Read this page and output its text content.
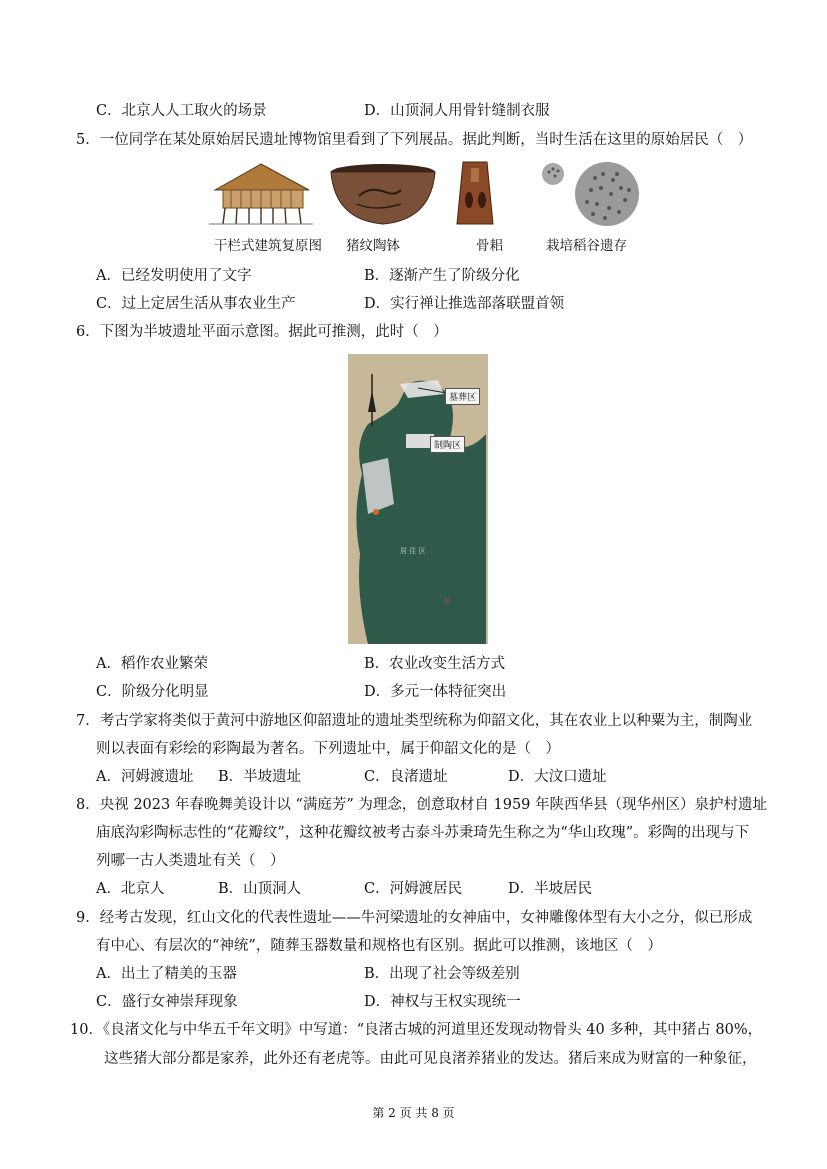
C．北京人人工取火的场景	D．山顶洞人用骨针缝制衣服
5．一位同学在某处原始居民遗址博物馆里看到了下列展品。据此判断，当时生活在这里的原始居民（　）
干栏式建筑复原图 猪纹陶钵	骨耜	栽培稻谷遗存
A．已经发明使用了文字	B．逐渐产生了阶级分化
C．过上定居生活从事农业生产	D．实行禅让推选部落联盟首领
6．下图为半坡遗址平面示意图。据此可推测，此时（　）
墓葬区
制陶区
居 住 区
A．稻作农业繁荣	B．农业改变生活方式
C．阶级分化明显	D．多元一体特征突出
7．考古学家将类似于黄河中游地区仰韶遗址的遗址类型统称为仰韶文化，其在农业上以种粟为主，制陶业
则以表面有彩绘的彩陶最为著名。下列遗址中，属于仰韶文化的是（　）
A．河姆渡遗址 B．半坡遗址	C．良渚遗址	D．大汶口遗址
8．央视 2023 年春晚舞美设计以 “满庭芳” 为理念，创意取材自 1959 年陕西华县（现华州区）泉护村遗址
庙底沟彩陶标志性的“花瓣纹”，这种花瓣纹被考古泰斗苏秉琦先生称之为“华山玫瑰”。彩陶的出现与下
列哪一古人类遗址有关（　）
A．北京人	B．山顶洞人	C．河姆渡居民	D．半坡居民
9．经考古发现，红山文化的代表性遗址——牛河梁遗址的女神庙中，女神雕像体型有大小之分，似已形成
有中心、有层次的“神统”，随葬玉器数量和规格也有区别。据此可以推测，该地区（　）
A．出土了精美的玉器	B．出现了社会等级差别
C．盛行女神崇拜现象	D．神权与王权实现统一
10．《良渚文化与中华五千年文明》中写道：“良渚古城的河道里还发现动物骨头 40 多种，其中猪占 80%，
这些猪大部分都是家养，此外还有老虎等。由此可见良渚养猪业的发达。猪后来成为财富的一种象征，
第 2 页 共 8 页
